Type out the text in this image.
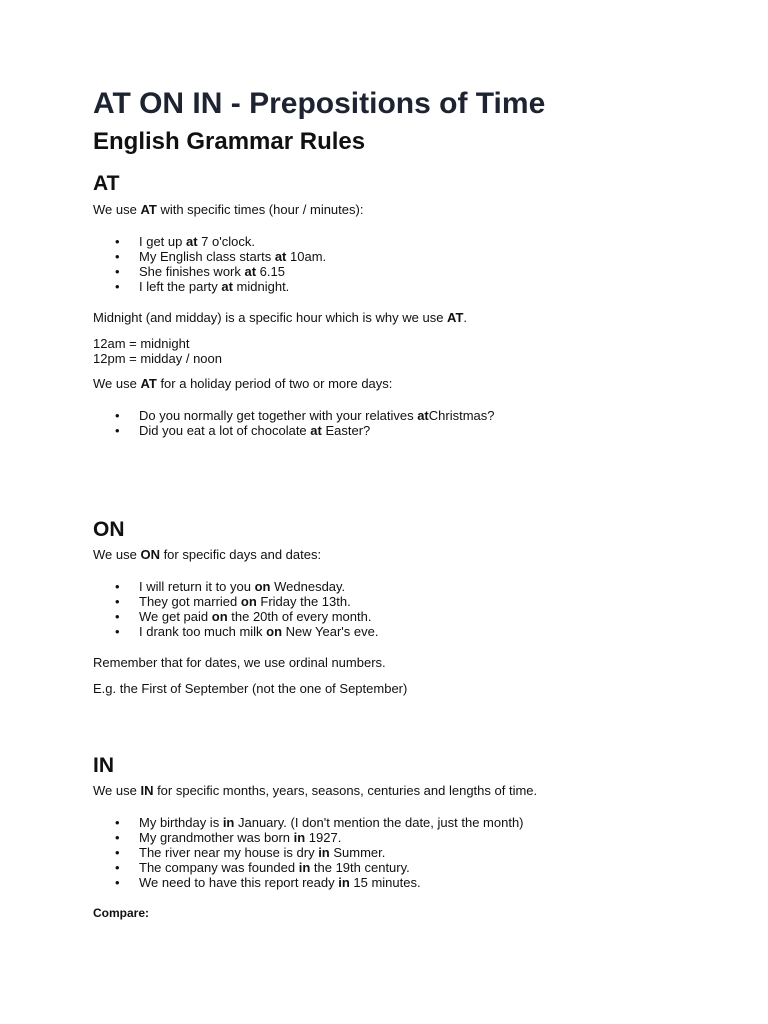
AT ON IN - Prepositions of Time
English Grammar Rules
AT

We use AT with specific times (hour / minutes):

• I get up at 7 o'clock.
• My English class starts at 10am.
• She finishes work at 6.15
• I left the party at midnight.

Midnight (and midday) is a specific hour which is why we use AT.

12am = midnight

12pm = midday / noon

We use AT for a holiday period of two or more days:

• Do you normally get together with your relatives atChristmas?
• Did you eat a lot of chocolate at Easter?
ON

We use ON for specific days and dates:

• I will return it to you on Wednesday.
• They got married on Friday the 13th.
• We get paid on the 20th of every month.
• I drank too much milk on New Year's eve.

Remember that for dates, we use ordinal numbers.

E.g. the First of September (not the one of September)

IN

We use IN for specific months, years, seasons, centuries and lengths of time.

• My birthday is in January. (I don't mention the date, just the month)
• My grandmother was born in 1927.
• The river near my house is dry in Summer.
• The company was founded in the 19th century.
• We need to have this report ready in 15 minutes.

Compare:
